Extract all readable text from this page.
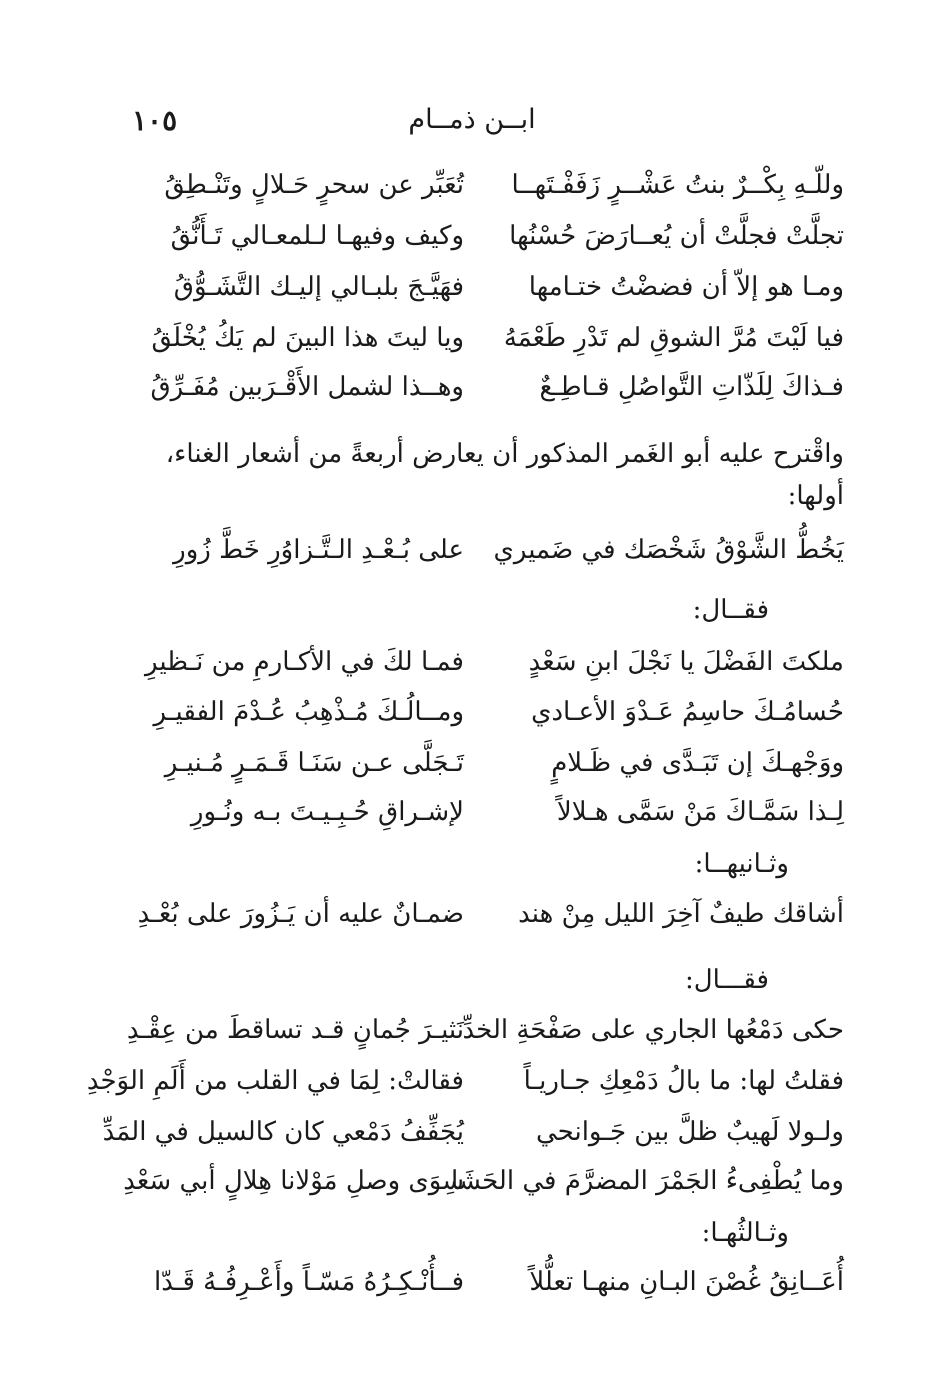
١٠٥	ابــن ذمــام
وللّـهِ بِكْــرٌ بنتُ عَشْــرٍ زَفَفْـتَهــا
تُعَبِّر عن سحرٍ حَـلالٍ وتَنْـطِقُ
تجلَّتْ فجلَّتْ أن يُعــارَضَ حُسْنُها
وكيف وفيهـا لـلمعـالي تَـأَنُّقُ
ومـا هو إلاّ أن فضضْتُ ختـامها
فهَيَّـجَ بلبـالي إليـك التَّشَـوُّقُ
فيا لَيْتَ مُرَّ الشوقِ لم تَدْرِ طَعْمَهُ
ويا ليتَ هذا البينَ لم يَكُ يُخْلَقُ
فـذاكَ لِلَذّاتِ التَّواصُلِ قـاطِـعٌ
وهــذا لشمل الأَقْـرَبين مُفَـرِّقُ
واقْترح عليه أبو الغَمر المذكور أن يعارض أربعةً من أشعار الغناء،
أولها:
يَخُطُّ الشَّوْقُ شَخْصَك في ضَميري
على بُـعْـدِ الـتَّـزاوُرِ خَطَّ زُورِ
فقــال:
ملكتَ الفَضْلَ يا نَجْلَ ابنِ سَعْدٍ
فمـا لكَ في الأكـارمِ من نَـظيرِ
حُسامُـكَ حاسِمُ عَـدْوَ الأعـادي
ومــالُـكَ مُـذْهِبُ عُـدْمَ الفقيـرِ
ووَجْهـكَ إن تَبَـدَّى في ظَـلامٍ
تَـجَلَّى عـن سَنَـا قَـمَـرٍ مُـنيـرِ
لِـذا سَمَّـاكَ مَنْ سَمَّى هـلالاً
لإشـراقِ حُـبِـيـتَ بـه ونُـورِ
وثـانيهــا:
أشاقك طيفٌ آخِرَ الليل مِنْ هند
ضمـانٌ عليه أن يَـزُورَ على بُعْـدِ
فقـــال:
حكى دَمْعُها الجاري على صَفْحَةِ الخدِّ
نَثيـرَ جُمانٍ قـد تساقطَ من عِقْـدِ
فقلتُ لها: ما بالُ دَمْعِكِ جـاريـاً
فقالتْ: لِمَا في القلب من أَلَمِ الوَجْدِ
ولـولا لَهيبٌ ظلَّ بين جَـوانحي
يُجَفِّفُ دَمْعي كان كالسيل في المَدِّ
وما يُطْفِىءُ الجَمْرَ المضرَّمَ في الحَشَا
سِوَى وصلِ مَوْلانا هِلالٍ أبي سَعْدِ
وثـالثُهـا:
أُعَــانِقُ غُصْنَ البـانِ منهـا تعلُّلاً
فــأُنْـكِـرُهُ مَسّـاً وأَعْـرِفُـهُ قَـدّا
